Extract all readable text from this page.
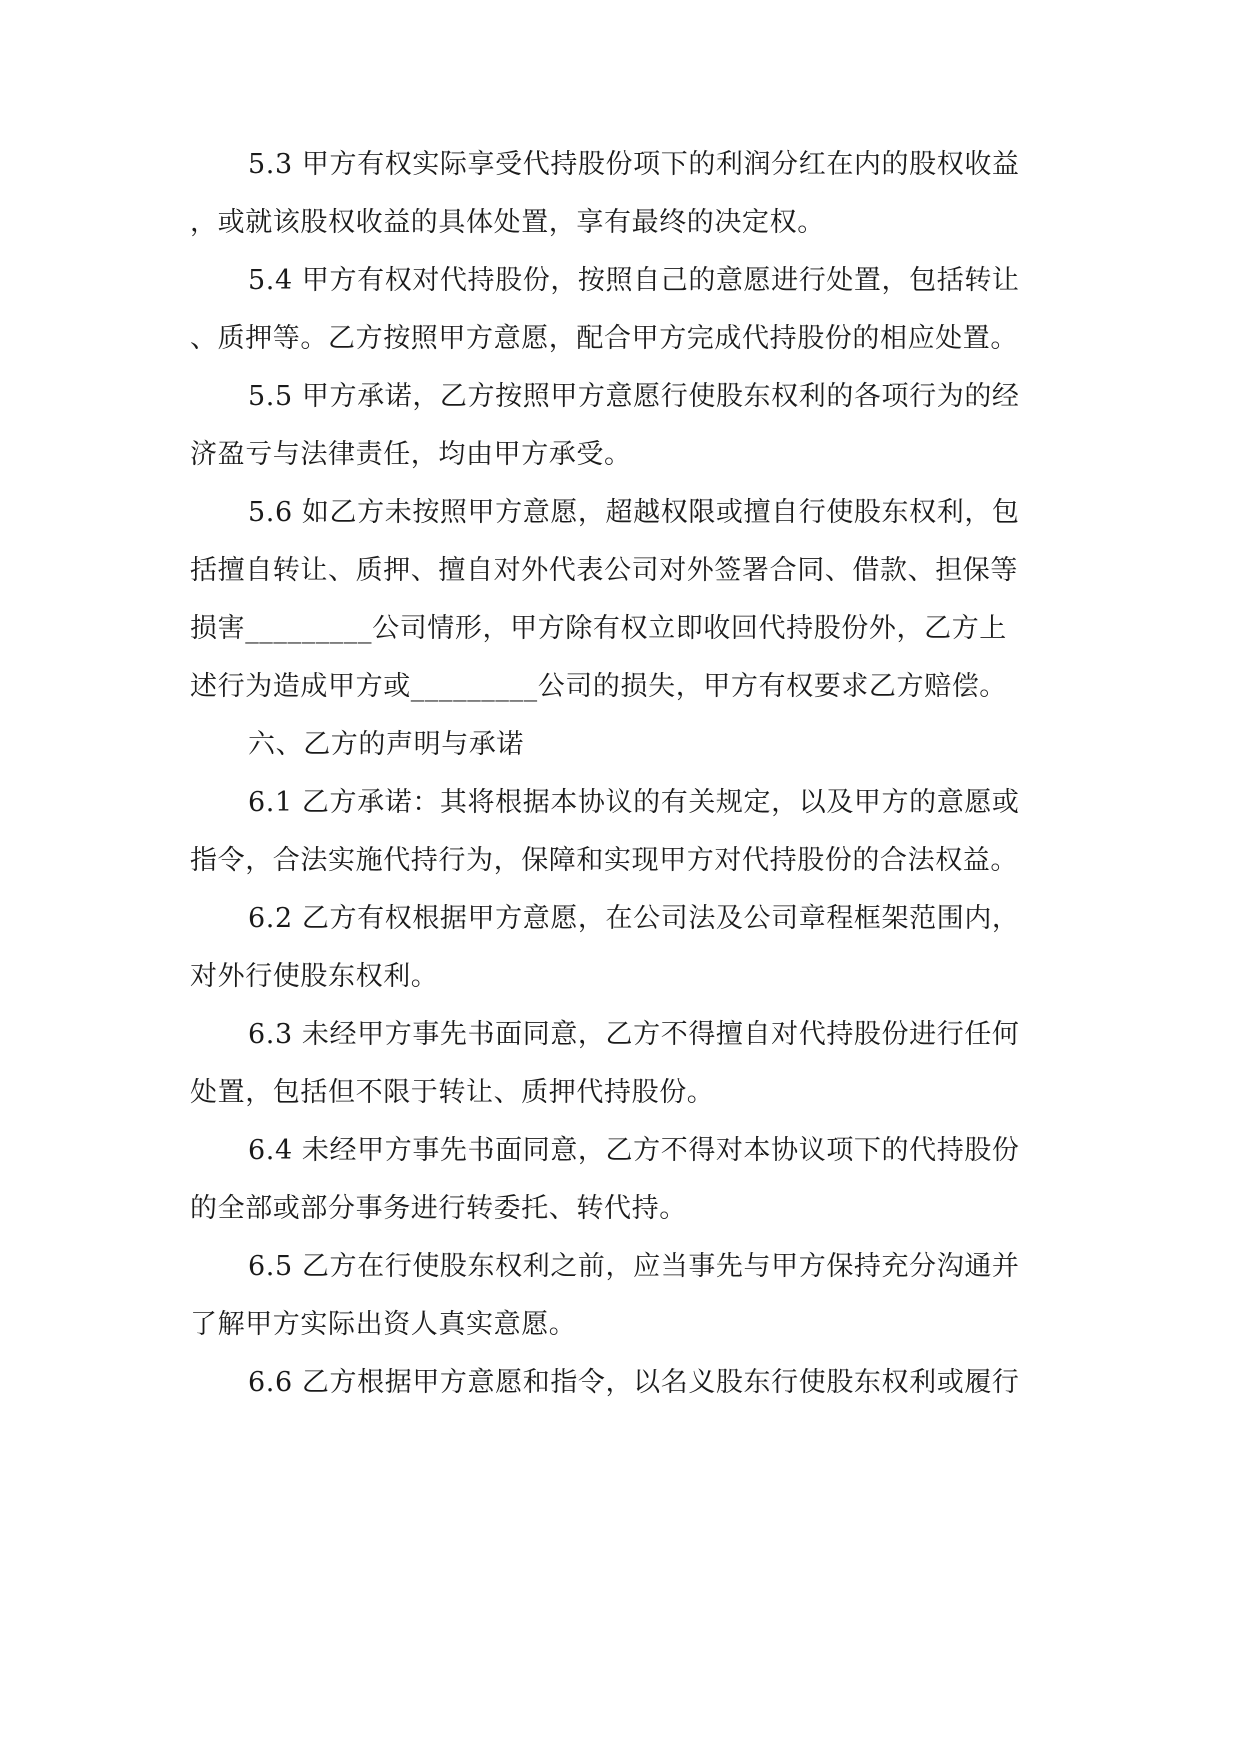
5.3 甲方有权实际享受代持股份项下的利润分红在内的股权收益
，或就该股权收益的具体处置，享有最终的决定权。
5.4 甲方有权对代持股份，按照自己的意愿进行处置，包括转让
、质押等。乙方按照甲方意愿，配合甲方完成代持股份的相应处置。
5.5 甲方承诺，乙方按照甲方意愿行使股东权利的各项行为的经
济盈亏与法律责任，均由甲方承受。
5.6 如乙方未按照甲方意愿，超越权限或擅自行使股东权利，包
括擅自转让、质押、擅自对外代表公司对外签署合同、借款、担保等
损害_________公司情形，甲方除有权立即收回代持股份外，乙方上
述行为造成甲方或_________公司的损失，甲方有权要求乙方赔偿。
六、乙方的声明与承诺
6.1 乙方承诺：其将根据本协议的有关规定，以及甲方的意愿或
指令，合法实施代持行为，保障和实现甲方对代持股份的合法权益。
6.2 乙方有权根据甲方意愿，在公司法及公司章程框架范围内，
对外行使股东权利。
6.3 未经甲方事先书面同意，乙方不得擅自对代持股份进行任何
处置，包括但不限于转让、质押代持股份。
6.4 未经甲方事先书面同意，乙方不得对本协议项下的代持股份
的全部或部分事务进行转委托、转代持。
6.5 乙方在行使股东权利之前，应当事先与甲方保持充分沟通并
了解甲方实际出资人真实意愿。
6.6 乙方根据甲方意愿和指令，以名义股东行使股东权利或履行
